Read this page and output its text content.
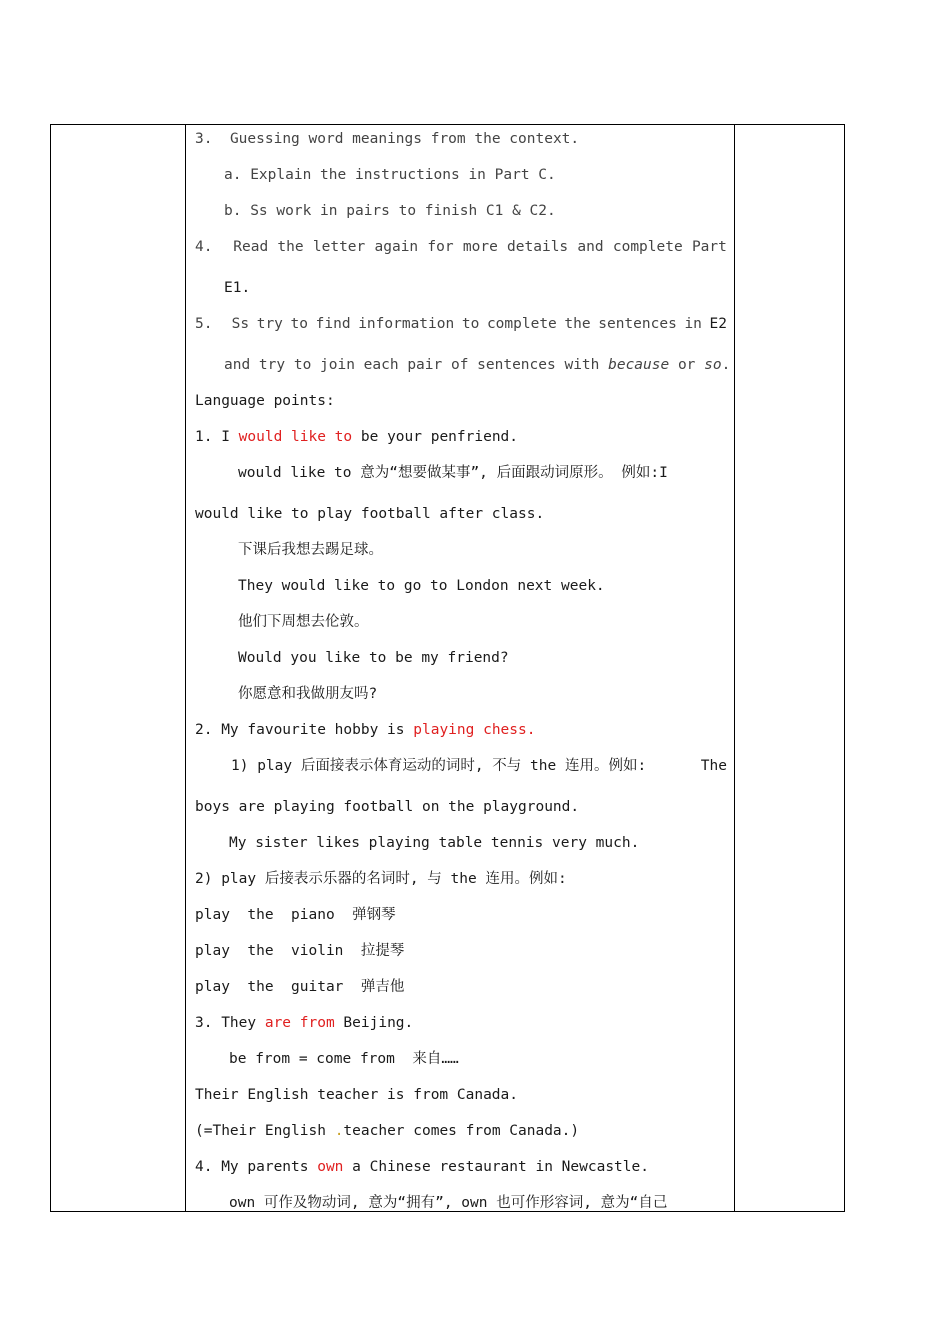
3. Guessing word meanings from the context.
a. Explain the instructions in Part C.
b. Ss work in pairs to finish C1 & C2.
4.	Read the letter again for more details and complete Part
E1.
5.	Ss try to find information to complete the sentences in E2
and try to join each pair of sentences with because or so.
Language points:
1. I would like to be your penfriend.
would like to 意为“想要做某事”, 后面跟动词原形。 例如:I
would like to play football after class.
下课后我想去踢足球。
They would like to go to London next week.
他们下周想去伦敦。
Would you like to be my friend?
你愿意和我做朋友吗?
2. My favourite hobby is playing chess.
1) play 后面接表示体育运动的词时, 不与 the 连用。例如:	The
boys are playing football on the playground.
My sister likes playing table tennis very much.
2) play 后接表示乐器的名词时, 与 the 连用。例如:
play  the  piano  弹钢琴
play  the  violin  拉提琴
play  the  guitar  弹吉他
3. They are from Beijing.
be from = come from  来自……
Their English teacher is from Canada.
(=Their English .teacher comes from Canada.)
4. My parents own a Chinese restaurant in Newcastle.
own 可作及物动词, 意为“拥有”, own 也可作形容词, 意为“自己
